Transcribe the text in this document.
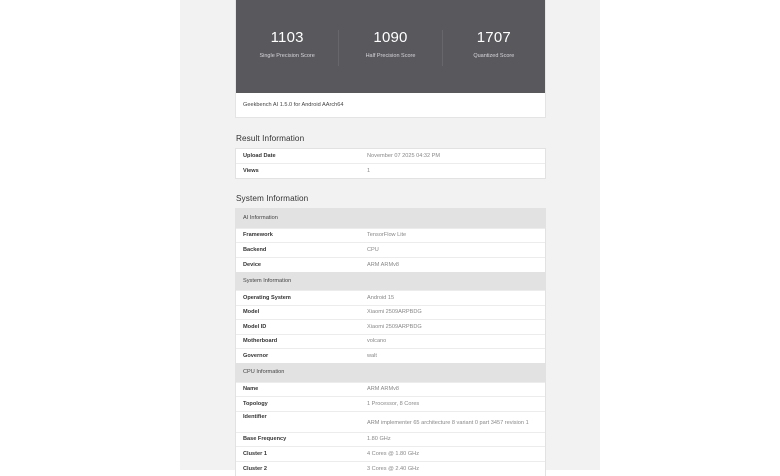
1103
Single Precision Score
1090
Half Precision Score
1707
Quantized Score
Geekbench AI 1.5.0 for Android AArch64
Result Information
Upload Date	November 07 2025 04:32 PM
Views	1
System Information
AI Information	
Framework	TensorFlow Lite
Backend	CPU
Device	ARM ARMv8
System Information	
Operating System	Android 15
Model	Xiaomi 2509ARPBDG
Model ID	Xiaomi 2509ARPBDG
Motherboard	volcano
Governor	walt
CPU Information	
Name	ARM ARMv8
Topology	1 Processor, 8 Cores
Identifier	ARM implementer 65 architecture 8 variant 0 part 3457 revision 1
Base Frequency	1.80 GHz
Cluster 1	4 Cores @ 1.80 GHz
Cluster 2	3 Cores @ 2.40 GHz
